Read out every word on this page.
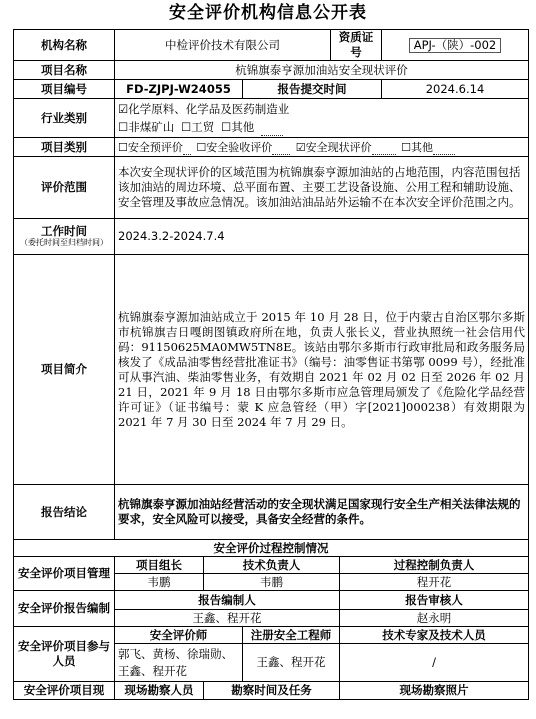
安全评价机构信息公开表
机构名称	中检评价技术有限公司			资质证号		APJ-（陕）-002
项目名称	杭锦旗泰亨源加油站安全现状评价					
项目编号	FD-ZJPJ-W24055		报告提交时间			2024.6.14
行业类别	☑化学原料、化学品及医药制造业
☐非煤矿山 ☐工贸 ☐其他					

项目类别	☐安全预评价 ☐安全验收评价 ☑安全现状评价 ☐其他					
评价范围	本次安全现状评价的区域范围为杭锦旗泰亨源加油站的占地范围，内容范围包括该加油站的周边环境、总平面布置、主要工艺设备设施、公用工程和辅助设施、安全管理及事故应急情况。该加油站油品站外运输不在本次安全评价范围之内。					
工作时间
（委托时间至归档时间）	2024.3.2-2024.7.4					
项目简介	杭锦旗泰亨源加油站成立于 2015 年 10 月 28 日，位于内蒙古自治区鄂尔多斯市杭锦旗吉日嘎朗图镇政府所在地，负责人张长义，营业执照统一社会信用代码：91150625MA0MW5TN8E。该站由鄂尔多斯市行政审批局和政务服务局核发了《成品油零售经营批准证书》（编号：油零售证书第鄂 0099 号），经批准可从事汽油、柴油零售业务，有效期自 2021 年 02 月 02 日至 2026 年 02 月 21 日，2021 年 9 月 18 日由鄂尔多斯市应急管理局颁发了《危险化学品经营许可证》（证书编号：蒙 K 应急管经（甲）字[2021]000238）有效期限为 2021 年 7 月 30 日至 2024 年 7 月 29 日。					
报告结论	杭锦旗泰亨源加油站经营活动的安全现状满足国家现行安全生产相关法律法规的要求，安全风险可以接受，具备安全经营的条件。					
安全评价过程控制情况						
安全评价项目管理	项目组长	技术负责人			过程控制负责人	
	韦鹏	韦鹏			程开花	
安全评价报告编制	报告编制人				报告审核人	
	王鑫、程开花				赵永明	
安全评价项目参与人员	安全评价师		注册安全工程师		技术专家及技术人员	
	郭飞、黄杨、徐瑞勋、王鑫、程开花		王鑫、程开花		/	
安全评价项目现	现场勘察人员	勘察时间及任务			现场勘察照片	
